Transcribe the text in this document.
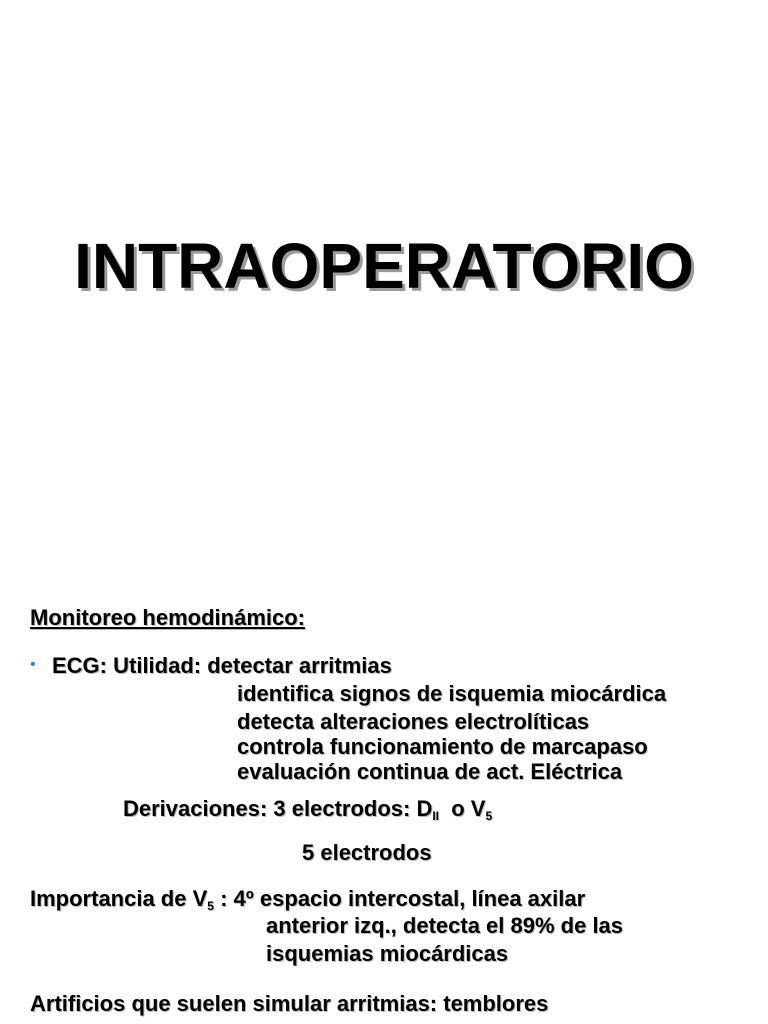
INTRAOPERATORIO
Monitoreo hemodinámico:
• ECG: Utilidad: detectar arritmias
identifica signos de isquemia miocárdica
detecta alteraciones electrolíticas
controla funcionamiento de marcapaso
evaluación continua de act. Eléctrica
Derivaciones: 3 electrodos: $D_{II}$ o $V_5$
5 electrodos
Importancia de $V_5$ : 4º espacio intercostal, línea axilar
anterior izq., detecta el 89% de las
isquemias miocárdicas
Artificios que suelen simular arritmias: temblores
